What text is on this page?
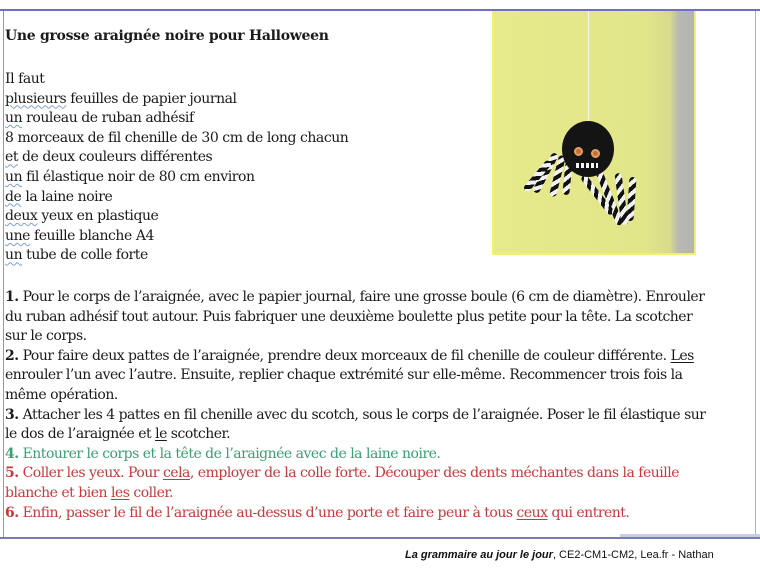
Une grosse araignée noire pour Halloween
Il faut
plusieurs feuilles de papier journal
un rouleau de ruban adhésif
8 morceaux de fil chenille de 30 cm de long chacun
et de deux couleurs différentes
un fil élastique noir de 80 cm environ
de la laine noire
deux yeux en plastique
une feuille blanche A4
un tube de colle forte
1. Pour le corps de l’araignée, avec le papier journal, faire une grosse boule (6 cm de diamètre). Enrouler
du ruban adhésif tout autour. Puis fabriquer une deuxième boulette plus petite pour la tête. La scotcher
sur le corps.
2. Pour faire deux pattes de l’araignée, prendre deux morceaux de fil chenille de couleur différente. Les
enrouler l’un avec l’autre. Ensuite, replier chaque extrémité sur elle-même. Recommencer trois fois la
même opération.
3. Attacher les 4 pattes en fil chenille avec du scotch, sous le corps de l’araignée. Poser le fil élastique sur
le dos de l’araignée et le scotcher.
4. Entourer le corps et la tête de l’araignée avec de la laine noire.
5. Coller les yeux. Pour cela, employer de la colle forte. Découper des dents méchantes dans la feuille
blanche et bien les coller.
6. Enfin, passer le fil de l’araignée au-dessus d’une porte et faire peur à tous ceux qui entrent.
La grammaire au jour le jour, CE2-CM1-CM2, Lea.fr - Nathan
